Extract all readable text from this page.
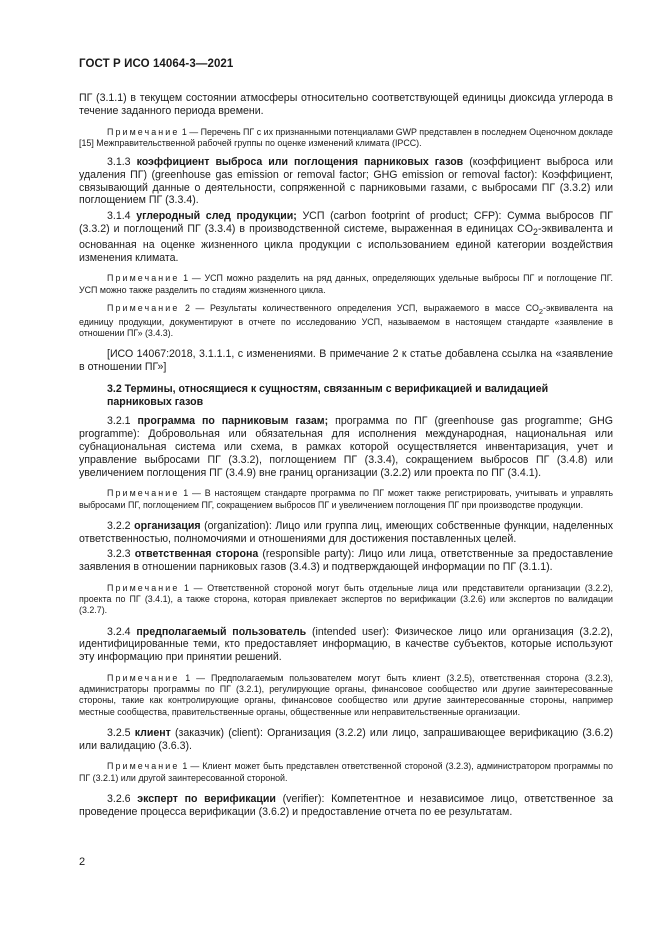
ГОСТ Р ИСО 14064-3—2021

ПГ (3.1.1) в текущем состоянии атмосферы относительно соответствующей единицы диоксида углерода в течение заданного периода времени.

Примечание 1 — Перечень ПГ с их признанными потенциалами GWP представлен в последнем Оценочном докладе [15] Межправительственной рабочей группы по оценке изменений климата (IPCC).

3.1.3 коэффициент выброса или поглощения парниковых газов (коэффициент выброса или удаления ПГ) (greenhouse gas emission or removal factor; GHG emission or removal factor): Коэффициент, связывающий данные о деятельности, сопряженной с парниковыми газами, с выбросами ПГ (3.3.2) или поглощением ПГ (3.3.4).

3.1.4 углеродный след продукции; УСП (carbon footprint of product; CFP): Сумма выбросов ПГ (3.3.2) и поглощений ПГ (3.3.4) в производственной системе, выраженная в единицах $CO_2$-эквивалента и основанная на оценке жизненного цикла продукции с использованием единой категории воздействия изменения климата.

Примечание 1 — УСП можно разделить на ряд данных, определяющих удельные выбросы ПГ и поглощение ПГ. УСП можно также разделить по стадиям жизненного цикла.

Примечание 2 — Результаты количественного определения УСП, выражаемого в массе $CO_2$-эквивалента на единицу продукции, документируют в отчете по исследованию УСП, называемом в настоящем стандарте «заявление в отношении ПГ» (3.4.3).

[ИСО 14067:2018, 3.1.1.1, с изменениями. В примечание 2 к статье добавлена ссылка на «заявление в отношении ПГ»]

3.2 Термины, относящиеся к сущностям, связанным с верификацией и валидацией парниковых газов

3.2.1 программа по парниковым газам; программа по ПГ (greenhouse gas programme; GHG programme): Добровольная или обязательная для исполнения международная, национальная или субнациональная система или схема, в рамках которой осуществляется инвентаризация, учет и управление выбросами ПГ (3.3.2), поглощением ПГ (3.3.4), сокращением выбросов ПГ (3.4.8) или увеличением поглощения ПГ (3.4.9) вне границ организации (3.2.2) или проекта по ПГ (3.4.1).

Примечание 1 — В настоящем стандарте программа по ПГ может также регистрировать, учитывать и управлять выбросами ПГ, поглощением ПГ, сокращением выбросов ПГ и увеличением поглощения ПГ при производстве продукции.

3.2.2 организация (organization): Лицо или группа лиц, имеющих собственные функции, наделенных ответственностью, полномочиями и отношениями для достижения поставленных целей.

3.2.3 ответственная сторона (responsible party): Лицо или лица, ответственные за предоставление заявления в отношении парниковых газов (3.4.3) и подтверждающей информации по ПГ (3.1.1).

Примечание 1 — Ответственной стороной могут быть отдельные лица или представители организации (3.2.2), проекта по ПГ (3.4.1), а также сторона, которая привлекает экспертов по верификации (3.2.6) или экспертов по валидации (3.2.7).

3.2.4 предполагаемый пользователь (intended user): Физическое лицо или организация (3.2.2), идентифицированные теми, кто предоставляет информацию, в качестве субъектов, которые используют эту информацию при принятии решений.

Примечание 1 — Предполагаемым пользователем могут быть клиент (3.2.5), ответственная сторона (3.2.3), администраторы программы по ПГ (3.2.1), регулирующие органы, финансовое сообщество или другие заинтересованные стороны, такие как контролирующие органы, финансовое сообщество или другие заинтересованные стороны, например местные сообщества, правительственные органы, общественные или неправительственные организации.

3.2.5 клиент (заказчик) (client): Организация (3.2.2) или лицо, запрашивающее верификацию (3.6.2) или валидацию (3.6.3).

Примечание 1 — Клиент может быть представлен ответственной стороной (3.2.3), администратором программы по ПГ (3.2.1) или другой заинтересованной стороной.

3.2.6 эксперт по верификации (verifier): Компетентное и независимое лицо, ответственное за проведение процесса верификации (3.6.2) и предоставление отчета по ее результатам.

2
